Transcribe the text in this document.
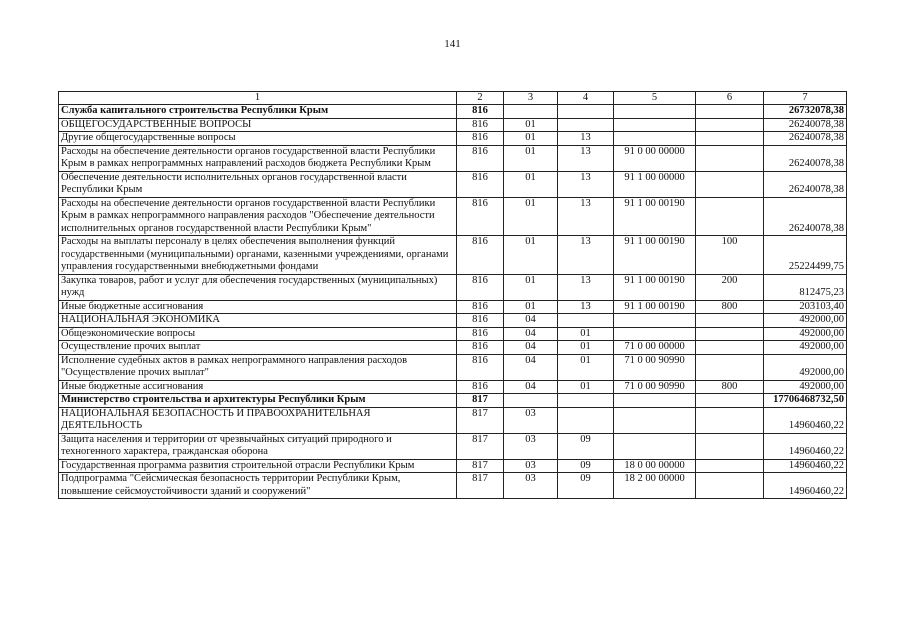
141
1	2	3	4	5	6	7
Служба капитального строительства Республики Крым	816					26732078,38
ОБЩЕГОСУДАРСТВЕННЫЕ ВОПРОСЫ	816	01				26240078,38
Другие общегосударственные вопросы	816	01	13			26240078,38
Расходы на обеспечение деятельности органов государственной власти Республики Крым в рамках непрограммных направлений расходов бюджета Республики Крым	816	01	13	91 0 00 00000		26240078,38
Обеспечение деятельности исполнительных органов государственной власти Республики Крым	816	01	13	91 1 00 00000		26240078,38
Расходы на обеспечение деятельности органов государственной власти Республики Крым в рамках непрограммного направления расходов "Обеспечение деятельности исполнительных органов государственной власти Республики Крым"	816	01	13	91 1 00 00190		26240078,38
Расходы на выплаты персоналу в целях обеспечения выполнения функций государственными (муниципальными) органами, казенными учреждениями, органами управления государственными внебюджетными фондами	816	01	13	91 1 00 00190	100	25224499,75
Закупка товаров, работ и услуг для обеспечения государственных (муниципальных) нужд	816	01	13	91 1 00 00190	200	812475,23
Иные бюджетные ассигнования	816	01	13	91 1 00 00190	800	203103,40
НАЦИОНАЛЬНАЯ ЭКОНОМИКА	816	04				492000,00
Общеэкономические вопросы	816	04	01			492000,00
Осуществление прочих выплат	816	04	01	71 0 00 00000		492000,00
Исполнение судебных актов в рамках непрограммного направления расходов "Осуществление прочих выплат"	816	04	01	71 0 00 90990		492000,00
Иные бюджетные ассигнования	816	04	01	71 0 00 90990	800	492000,00
Министерство строительства и архитектуры Республики Крым	817					17706468732,50
НАЦИОНАЛЬНАЯ БЕЗОПАСНОСТЬ И ПРАВООХРАНИТЕЛЬНАЯ ДЕЯТЕЛЬНОСТЬ	817	03				14960460,22
Защита населения и территории от чрезвычайных ситуаций природного и техногенного характера, гражданская оборона	817	03	09			14960460,22
Государственная программа развития строительной отрасли Республики Крым	817	03	09	18 0 00 00000		14960460,22
Подпрограмма "Сейсмическая безопасность территории Республики Крым, повышение сейсмоустойчивости зданий и сооружений"	817	03	09	18 2 00 00000		14960460,22
